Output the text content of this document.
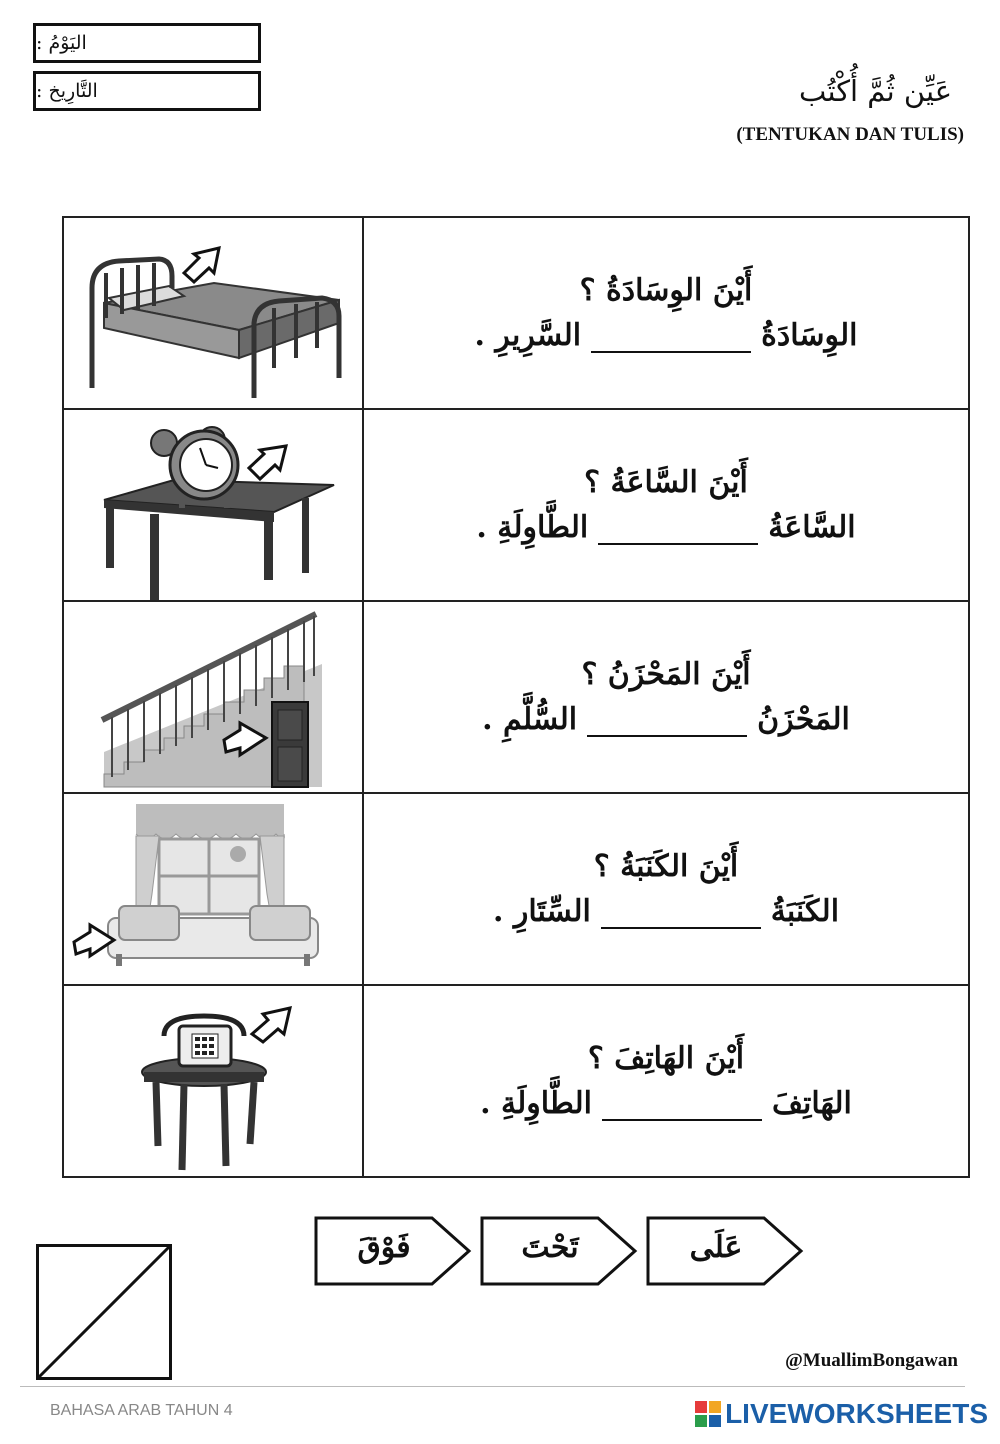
اليَوْمُ :
التَّارِيخ :	عَيِّن ثُمَّ أُكْتُب
(TENTUKAN DAN TULIS)

أَيْنَ الوِسَادَةُ ؟

الوِسَادَةُ
السَّرِيرِ .

أَيْنَ السَّاعَةُ ؟

السَّاعَةُ
الطَّاوِلَةِ .

أَيْنَ المَحْزَنُ ؟

المَحْزَنُ
السُّلَّمِ .

أَيْنَ الكَنَبَةُ ؟

الكَنَبَةُ
السِّتَارِ .

أَيْنَ الهَاتِفَ ؟

الهَاتِفَ
الطَّاوِلَةِ .
فَوْقَ	تَحْتَ	عَلَى
@MuallimBongawan
BAHASA ARAB TAHUN 4	LIVEWORKSHEETS
